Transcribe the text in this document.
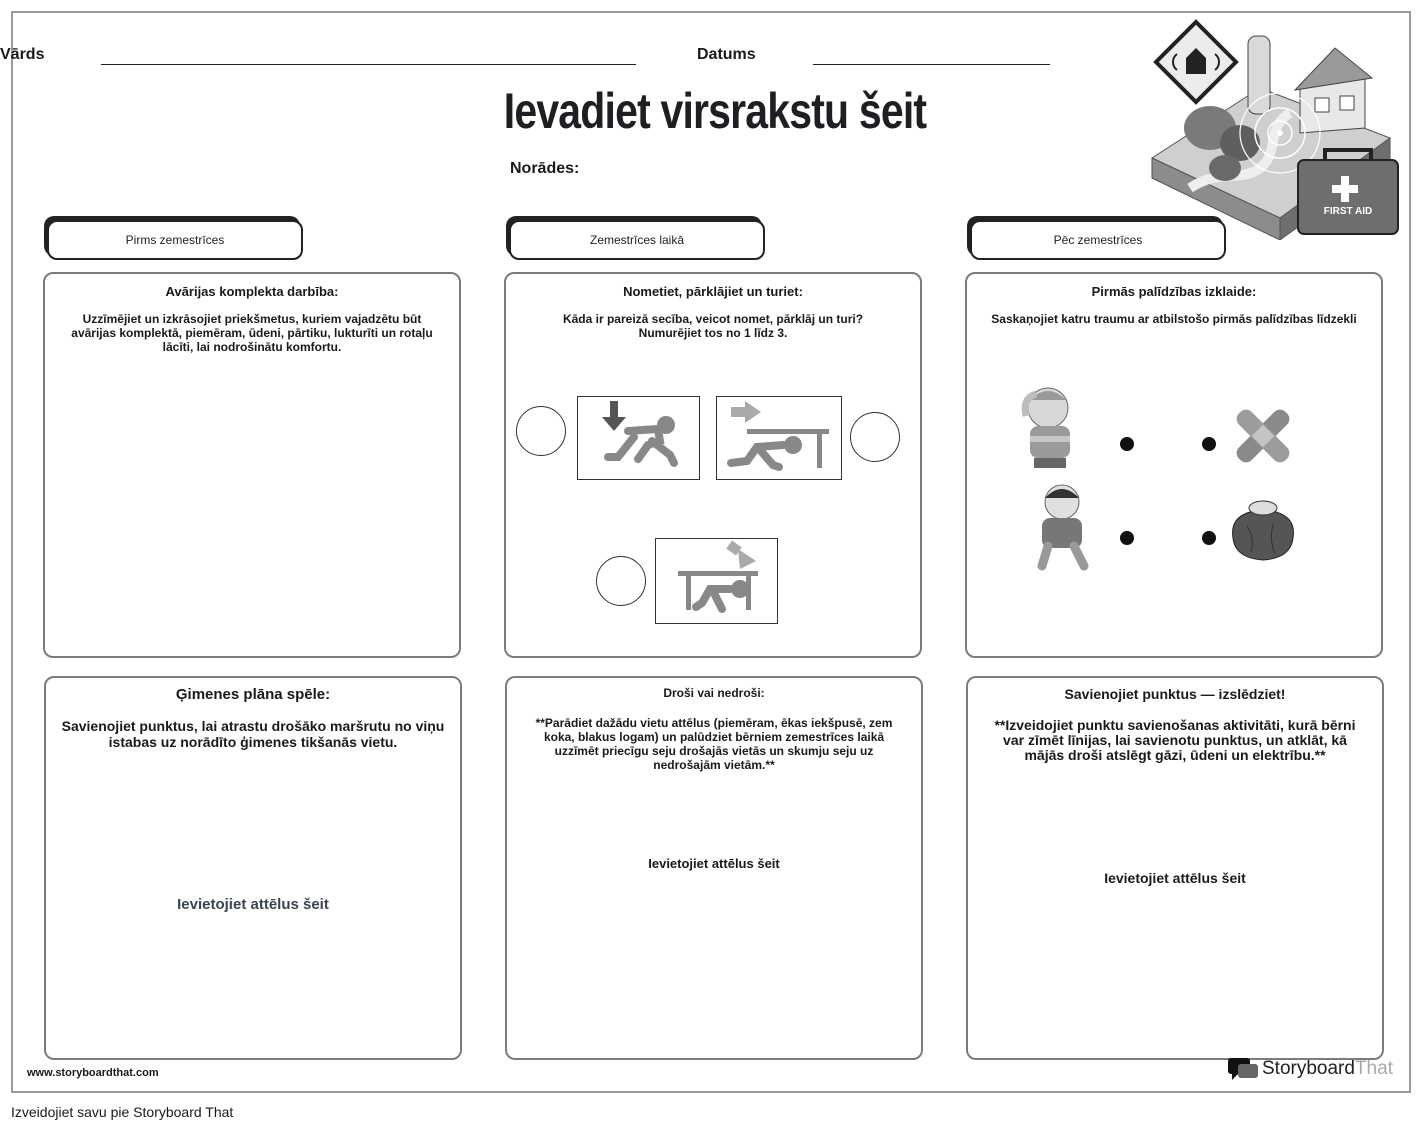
Vārds	Datums
Ievadiet virsrakstu šeit
Norādes:
FIRST AID
Pirms zemestrīces	Zemestrīces laikā	Pēc zemestrīces
Avārijas komplekta darbība:
Uzzīmējiet un izkrāsojiet priekšmetus, kuriem vajadzētu būt avārijas komplektā, piemēram, ūdeni, pārtiku, lukturīti un rotaļu lācīti, lai nodrošinātu komfortu.
Nometiet, pārklājiet un turiet:
Kāda ir pareizā secība, veicot nomet, pārklāj un turi? Numurējiet tos no 1 līdz 3.
Pirmās palīdzības izklaide:
Saskaņojiet katru traumu ar atbilstošo pirmās palīdzības līdzekli
Ģimenes plāna spēle:
Savienojiet punktus, lai atrastu drošāko maršrutu no viņu istabas uz norādīto ģimenes tikšanās vietu.
Ievietojiet attēlus šeit
Droši vai nedroši:
**Parādiet dažādu vietu attēlus (piemēram, ēkas iekšpusē, zem koka, blakus logam) un palūdziet bērniem zemestrīces laikā uzzīmēt priecīgu seju drošajās vietās un skumju seju uz nedrošajām vietām.**
Ievietojiet attēlus šeit
Savienojiet punktus — izslēdziet!
**Izveidojiet punktu savienošanas aktivitāti, kurā bērni var zīmēt līnijas, lai savienotu punktus, un atklāt, kā mājās droši atslēgt gāzi, ūdeni un elektrību.**
Ievietojiet attēlus šeit
www.storyboardthat.com	Storyboard That
Izveidojiet savu pie Storyboard That
